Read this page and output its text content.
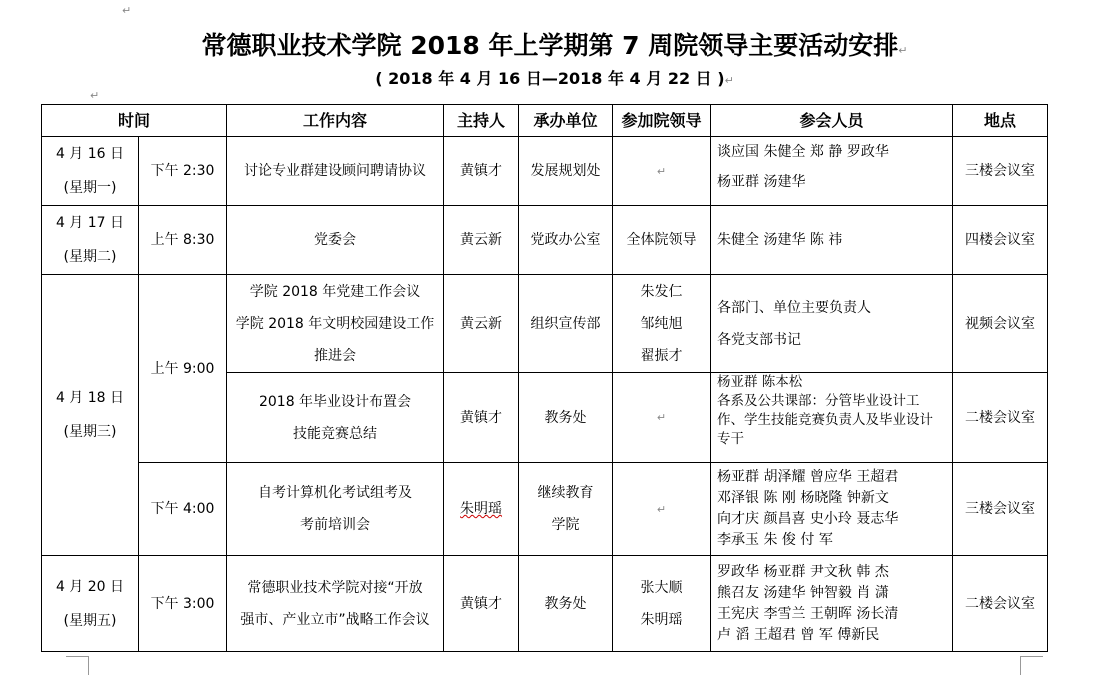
常德职业技术学院 2018 年上学期第 7 周院领导主要活动安排↵
( 2018 年 4 月 16 日—2018 年 4 月 22 日 )↵
↵
↵
时间		工作内容	主持人	承办单位	参加院领导	参会人员	地点

4 月 16 日
(星期一)	下午 2:30	讨论专业群建设顾问聘请协议	黄镇才	发展规划处	↵	谈应国 朱健全 郑 静 罗政华
杨亚群 汤建华	三楼会议室

4 月 17 日
(星期二)	上午 8:30	党委会	黄云新	党政办公室	全体院领导	朱健全 汤建华 陈 祎	四楼会议室

4 月 18 日
(星期三)	上午 9:00	学院 2018 年党建工作会议
学院 2018 年文明校园建设工作
推进会	黄云新	组织宣传部	朱发仁
邹纯旭
翟振才	各部门、单位主要负责人
各党支部书记	视频会议室

		2018 年毕业设计布置会
技能竞赛总结	黄镇才	教务处	↵	杨亚群 陈本松
各系及公共课部：分管毕业设计工
作、学生技能竞赛负责人及毕业设计
专干	二楼会议室
	下午 4:00	自考计算机化考试组考及
考前培训会	朱明瑶	继续教育
学院	↵	杨亚群 胡泽耀 曾应华 王超君
邓泽银 陈 刚 杨晓隆 钟新文
向才庆 颜昌喜 史小玲 聂志华
李承玉 朱 俊 付 军	三楼会议室

4 月 20 日
(星期五)	下午 3:00	常德职业技术学院对接“开放
强市、产业立市”战略工作会议	黄镇才	教务处	张大顺
朱明瑶	罗政华 杨亚群 尹文秋 韩 杰
熊召友 汤建华 钟智毅 肖 潇
王宪庆 李雪兰 王朝晖 汤长清
卢 滔 王超君 曾 军 傅新民	二楼会议室
